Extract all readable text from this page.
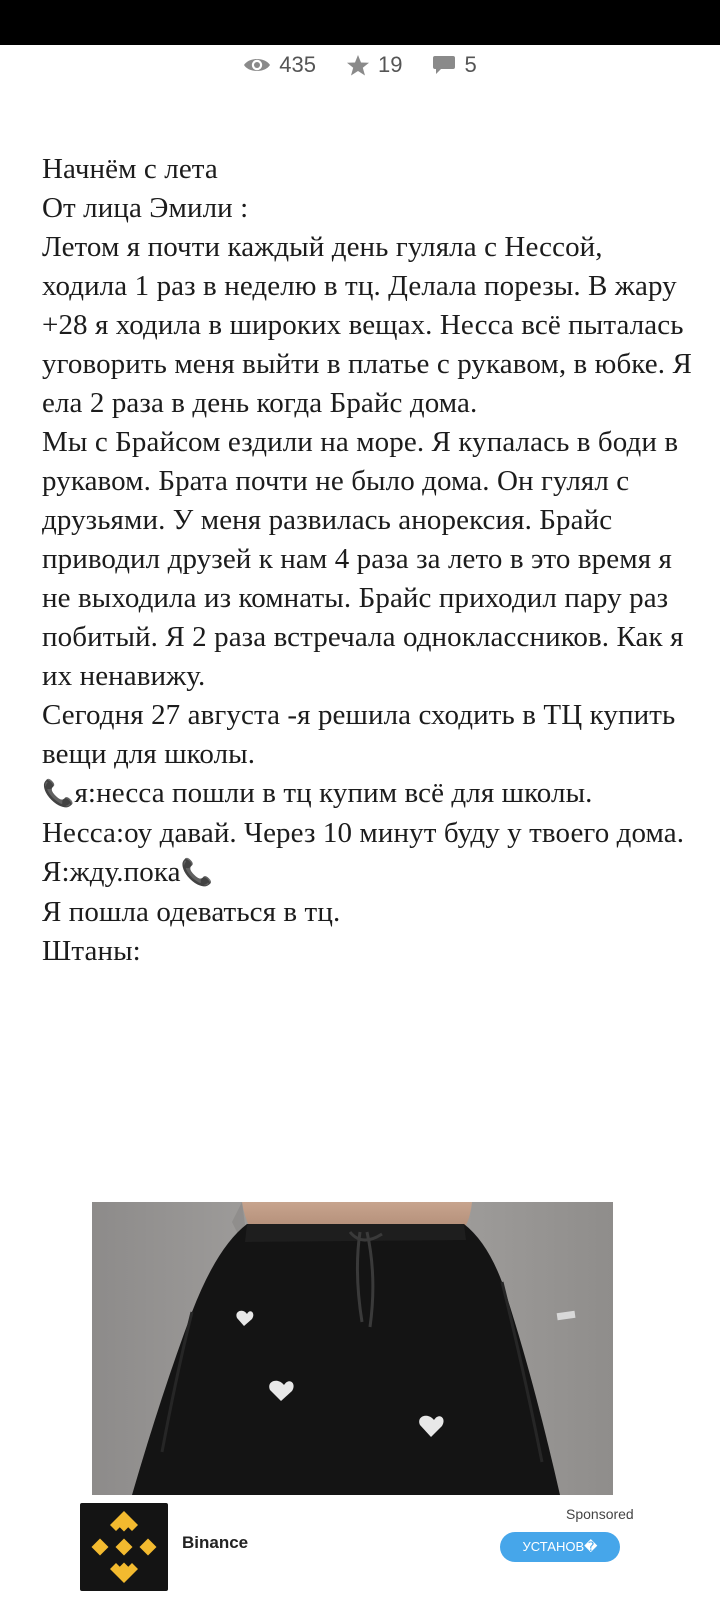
435	19	5

Начнём с лета

От лица Эмили :

Летом я почти каждый день гуляла с Нессой, ходила 1 раз в неделю в тц. Делала порезы. В жару +28 я ходила в широких вещах. Несса всё пыталась уговорить меня выйти в платье с рукавом, в юбке. Я ела 2 раза в день когда Брайс дома.

Мы с Брайсом ездили на море. Я купалась в боди в рукавом. Брата почти не было дома. Он гулял с друзьями. У меня развилась анорексия. Брайс приводил друзей к нам 4 раза за лето в это время я не выходила из комнаты. Брайс приходил пару раз побитый. Я 2 раза встречала одноклассников. Как я их ненавижу.

Сегодня 27 августа -я решила сходить в ТЦ купить вещи для школы.

📞я:несса пошли в тц купим всё для школы.

Несса:оу давай. Через 10 минут буду у твоего дома.

Я:жду.пока📞

Я пошла одеваться в тц.

Штаны:

Binance
Sponsored
УСТАНОВ�
